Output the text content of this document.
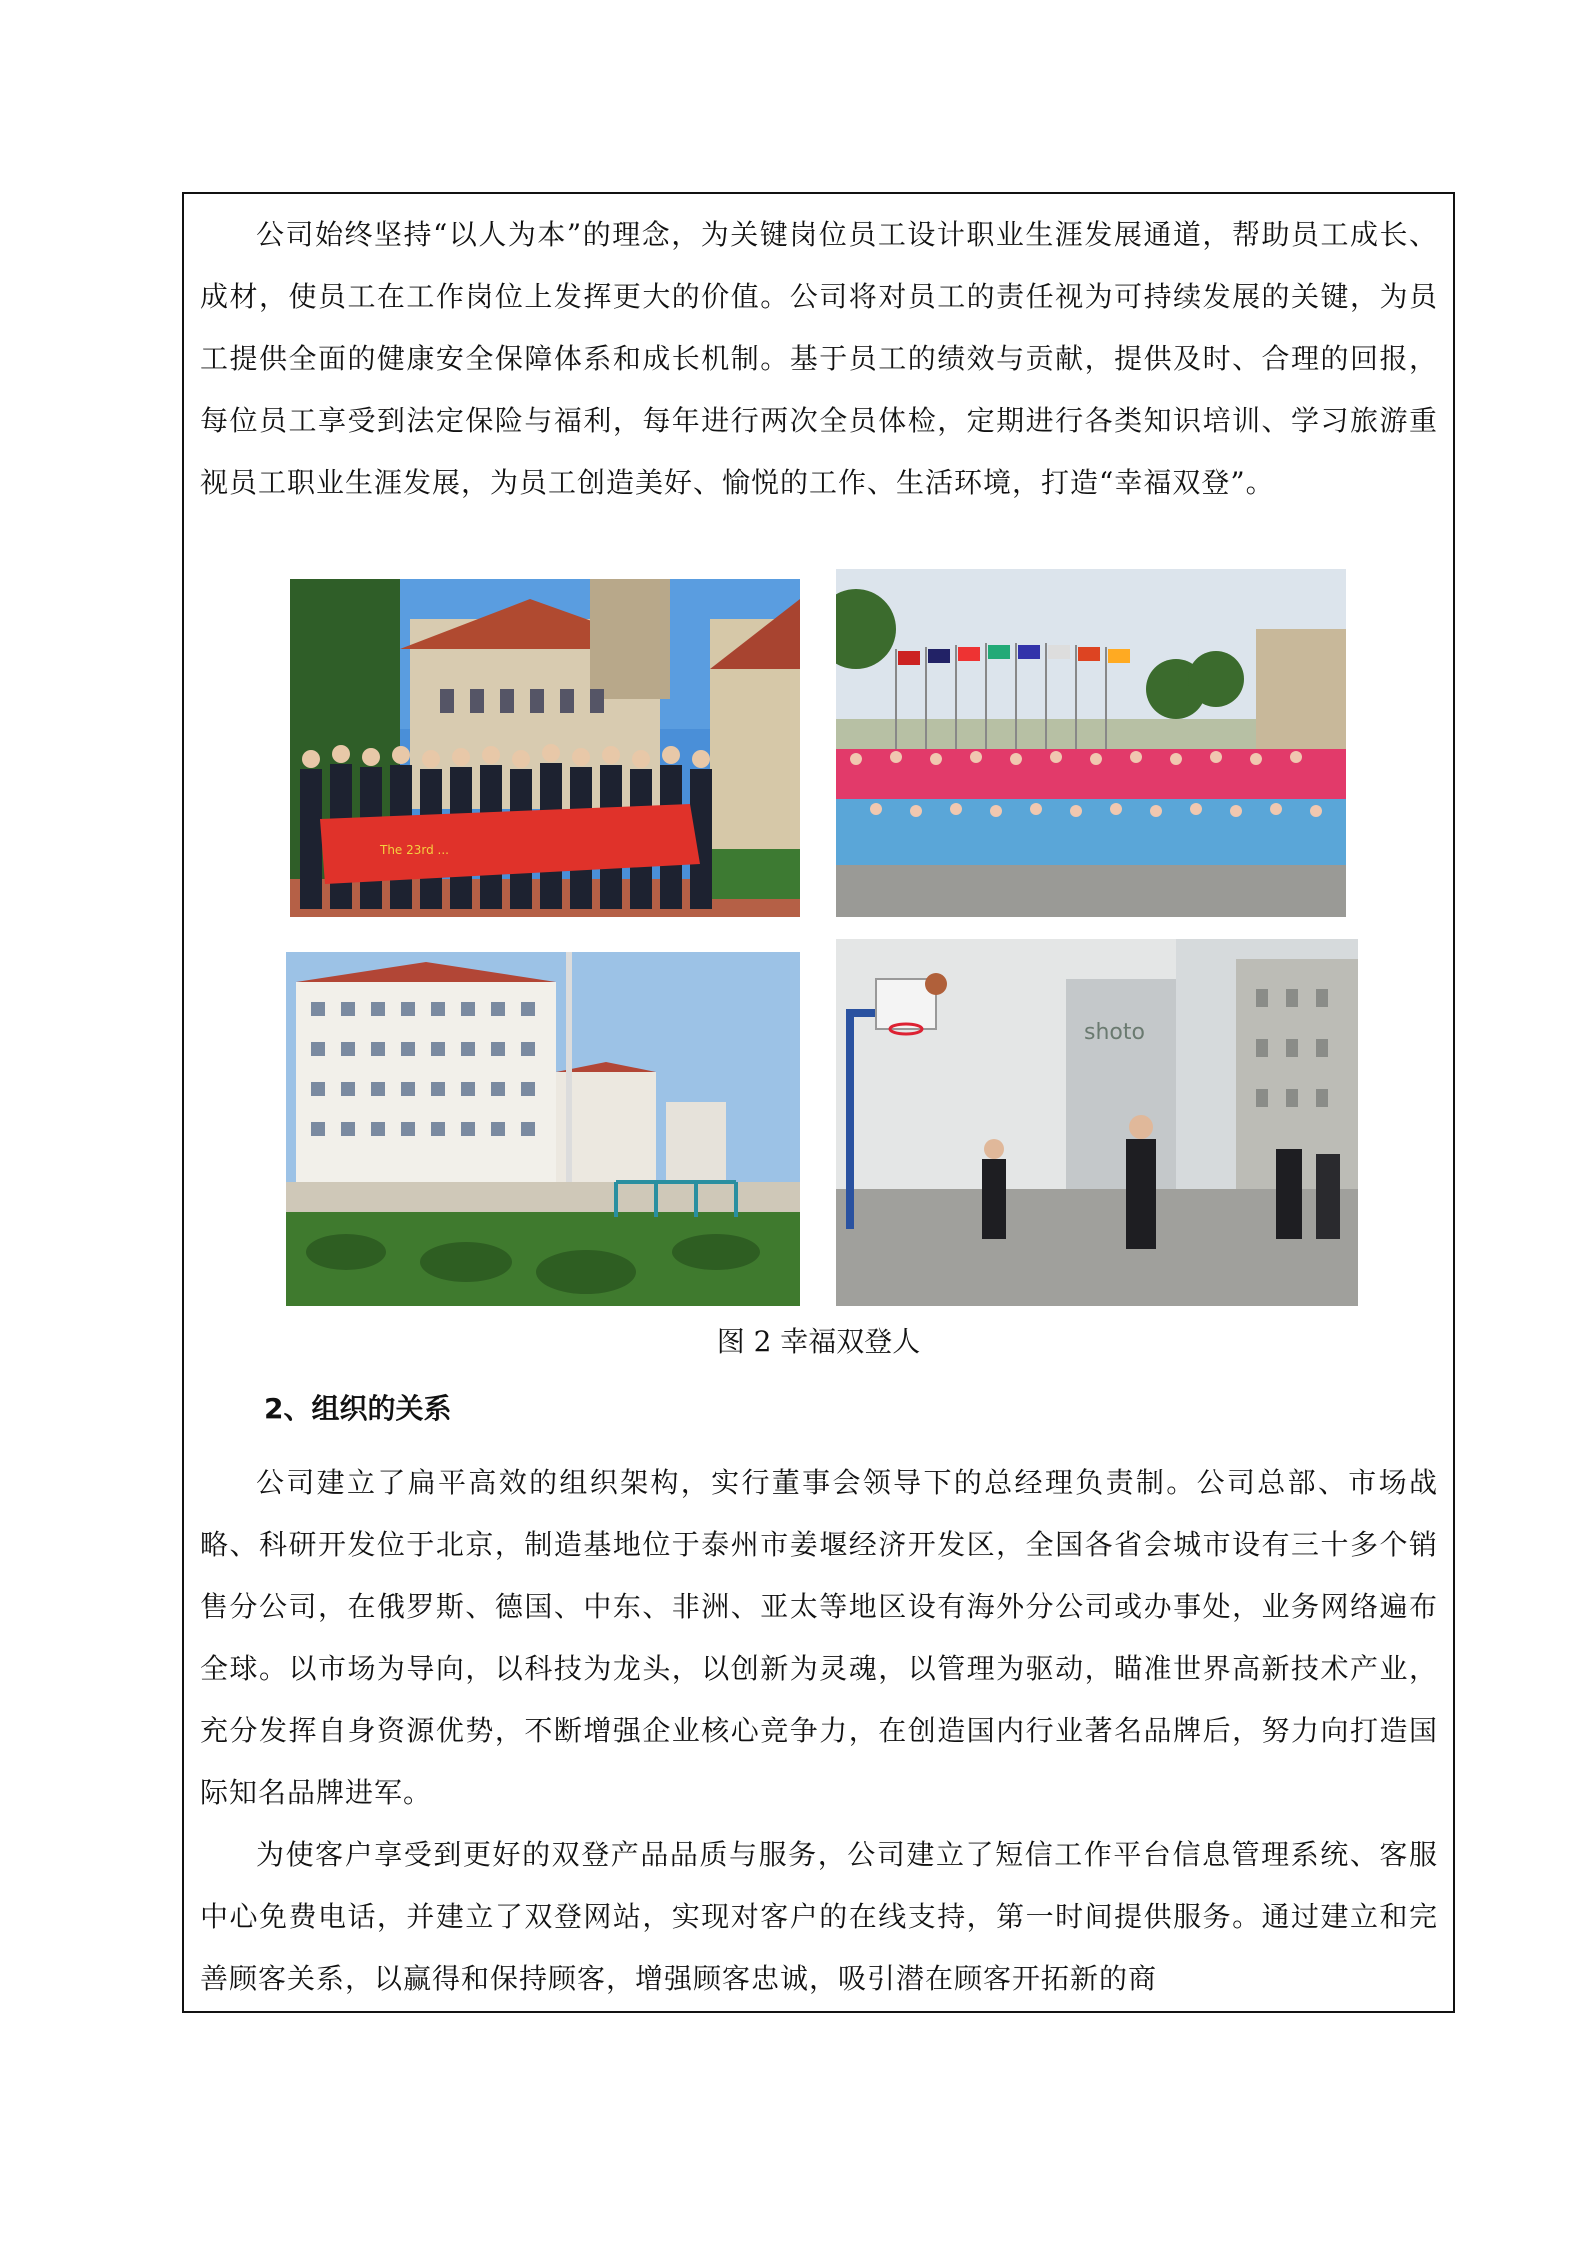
公司始终坚持“以人为本”的理念，为关键岗位员工设计职业生涯发展通道，帮助员工成长、成材，使员工在工作岗位上发挥更大的价值。公司将对员工的责任视为可持续发展的关键，为员工提供全面的健康安全保障体系和成长机制。基于员工的绩效与贡献，提供及时、合理的回报，每位员工享受到法定保险与福利，每年进行两次全员体检，定期进行各类知识培训、学习旅游重视员工职业生涯发展，为员工创造美好、愉悦的工作、生活环境，打造“幸福双登”。

The 23rd ...
shoto
图 2 幸福双登人

2、组织的关系

公司建立了扁平高效的组织架构，实行董事会领导下的总经理负责制。公司总部、市场战略、科研开发位于北京，制造基地位于泰州市姜堰经济开发区，全国各省会城市设有三十多个销售分公司，在俄罗斯、德国、中东、非洲、亚太等地区设有海外分公司或办事处，业务网络遍布全球。以市场为导向，以科技为龙头，以创新为灵魂，以管理为驱动，瞄准世界高新技术产业，充分发挥自身资源优势，不断增强企业核心竞争力，在创造国内行业著名品牌后，努力向打造国际知名品牌进军。

为使客户享受到更好的双登产品品质与服务，公司建立了短信工作平台信息管理系统、客服中心免费电话，并建立了双登网站，实现对客户的在线支持，第一时间提供服务。通过建立和完善顾客关系，以赢得和保持顾客，增强顾客忠诚，吸引潜在顾客开拓新的商
